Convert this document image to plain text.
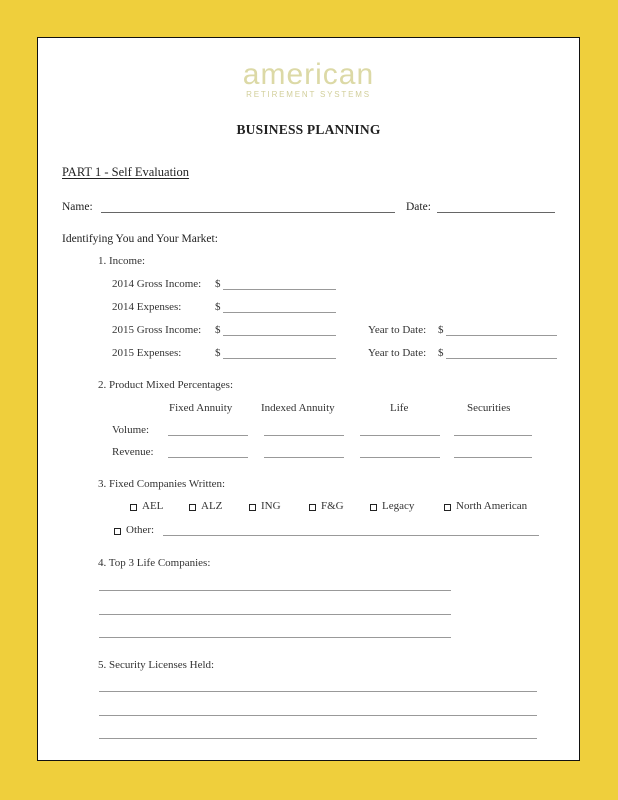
american
RETIREMENT SYSTEMS
BUSINESS PLANNING
PART 1 - Self Evaluation
Name:	Date:
Identifying You and Your Market:
1. Income:
2014 Gross Income: $
2014 Expenses:	$
2015 Gross Income: $	Year to Date: $
2015 Expenses:	$	Year to Date: $
2. Product Mixed Percentages:
Fixed Annuity	Indexed Annuity	Life	Securities
Volume:
Revenue:
3. Fixed Companies Written:
AEL	ALZ	ING	F&G	Legacy	North American
Other:
4. Top 3 Life Companies:
5. Security Licenses Held:
